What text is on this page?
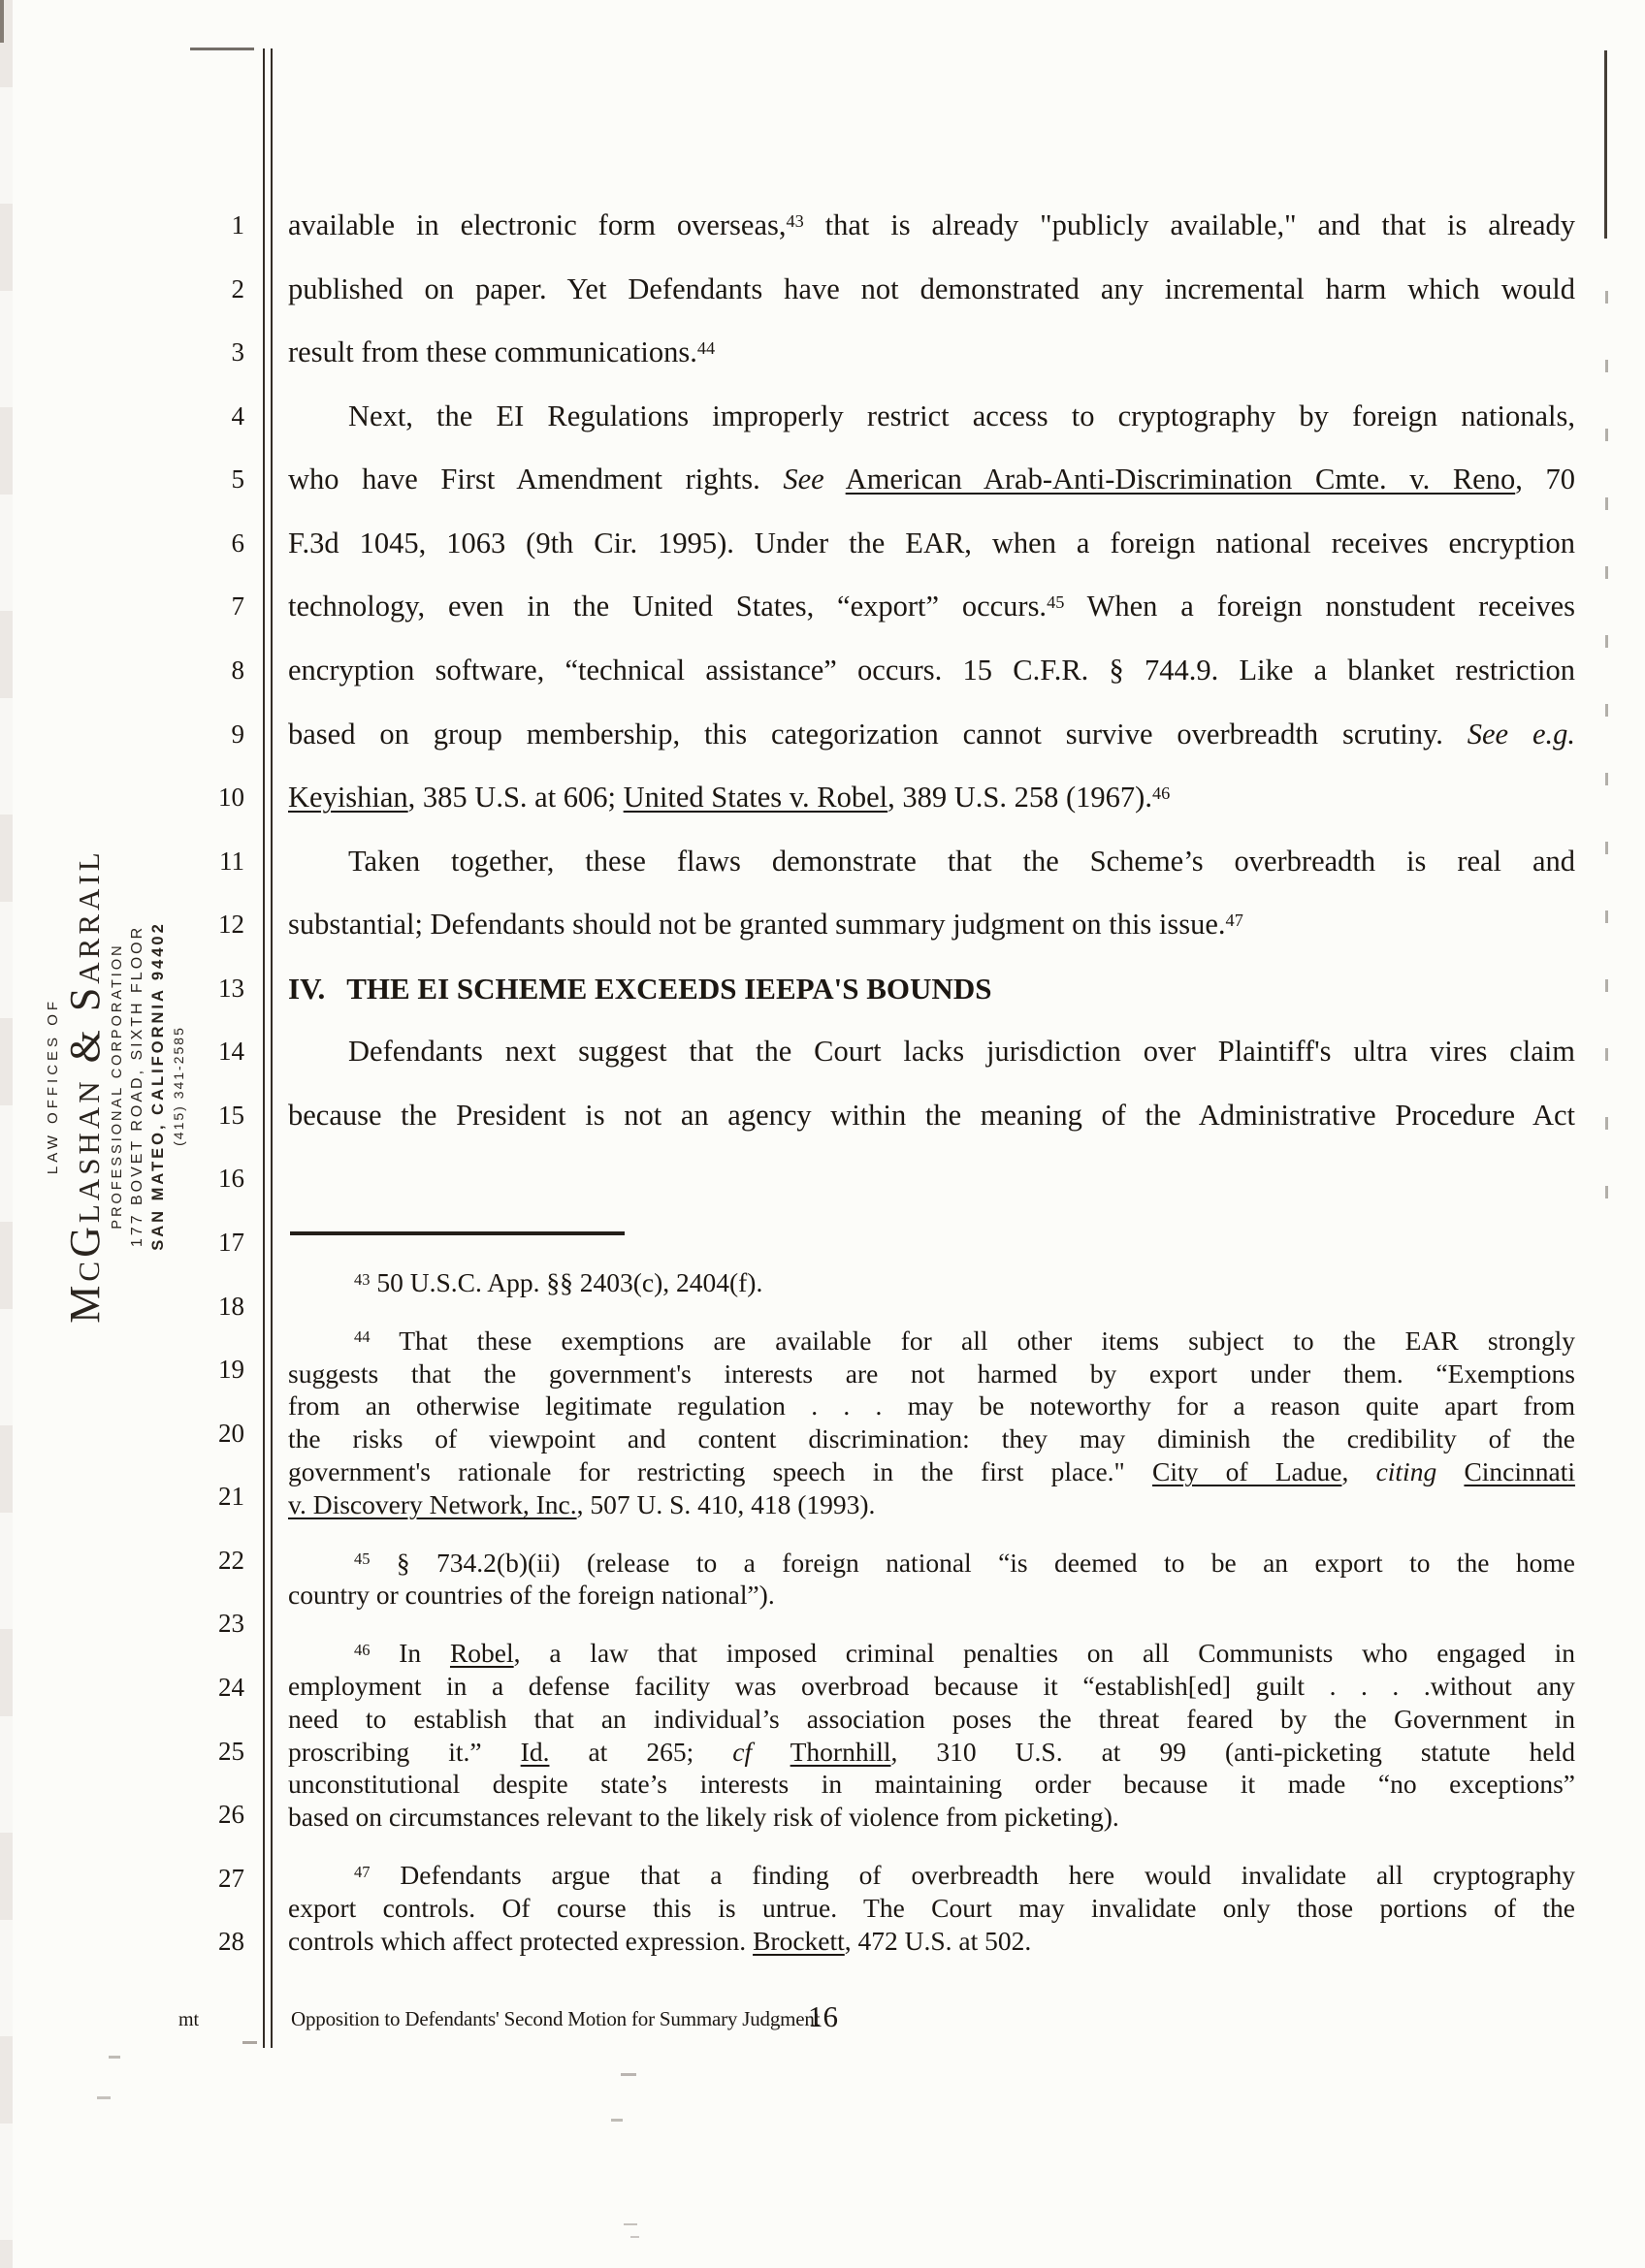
LAW OFFICES OF McGlashan & Sarrail PROFESSIONAL CORPORATION 177 BOVET ROAD, SIXTH FLOOR SAN MATEO, CALIFORNIA 94402 (415) 341-2585
1
2
3
4
5
6
7
8
9
10
11
12
13
14
15
16
17
18
19
20
21
22
23
24
25
26
27
28
available in electronic form overseas,$^{43}$ that is already "publicly available," and that is already
published on paper. Yet Defendants have not demonstrated any incremental harm which would
result from these communications.$^{44}$
Next, the EI Regulations improperly restrict access to cryptography by foreign nationals,
who have First Amendment rights. See American Arab-Anti-Discrimination Cmte. v. Reno, 70
F.3d 1045, 1063 (9th Cir. 1995). Under the EAR, when a foreign national receives encryption
technology, even in the United States, “export” occurs.$^{45}$ When a foreign nonstudent receives
encryption software, “technical assistance” occurs. 15 C.F.R. § 744.9. Like a blanket restriction
based on group membership, this categorization cannot survive overbreadth scrutiny. See e.g.
Keyishian, 385 U.S. at 606; United States v. Robel, 389 U.S. 258 (1967).$^{46}$
Taken together, these flaws demonstrate that the Scheme’s overbreadth is real and
substantial; Defendants should not be granted summary judgment on this issue.$^{47}$
IV. THE EI SCHEME EXCEEDS IEEPA'S BOUNDS
Defendants next suggest that the Court lacks jurisdiction over Plaintiff's ultra vires claim
because the President is not an agency within the meaning of the Administrative Procedure Act
$^{43}$ 50 U.S.C. App. §§ 2403(c), 2404(f).
$^{44}$ That these exemptions are available for all other items subject to the EAR strongly
suggests that the government's interests are not harmed by export under them. “Exemptions
from an otherwise legitimate regulation . . . may be noteworthy for a reason quite apart from
the risks of viewpoint and content discrimination: they may diminish the credibility of the
government's rationale for restricting speech in the first place." City of Ladue, citing Cincinnati
v. Discovery Network, Inc., 507 U. S. 410, 418 (1993).
$^{45}$ § 734.2(b)(ii) (release to a foreign national “is deemed to be an export to the home
country or countries of the foreign national”).
$^{46}$ In Robel, a law that imposed criminal penalties on all Communists who engaged in
employment in a defense facility was overbroad because it “establish[ed] guilt . . . .without any
need to establish that an individual’s association poses the threat feared by the Government in
proscribing it.” Id. at 265; cf Thornhill, 310 U.S. at 99 (anti-picketing statute held
unconstitutional despite state’s interests in maintaining order because it made “no exceptions”
based on circumstances relevant to the likely risk of violence from picketing).
$^{47}$ Defendants argue that a finding of overbreadth here would invalidate all cryptography
export controls. Of course this is untrue. The Court may invalidate only those portions of the
controls which affect protected expression. Brockett, 472 U.S. at 502.
mt	Opposition to Defendants' Second Motion for Summary Judgment
16
